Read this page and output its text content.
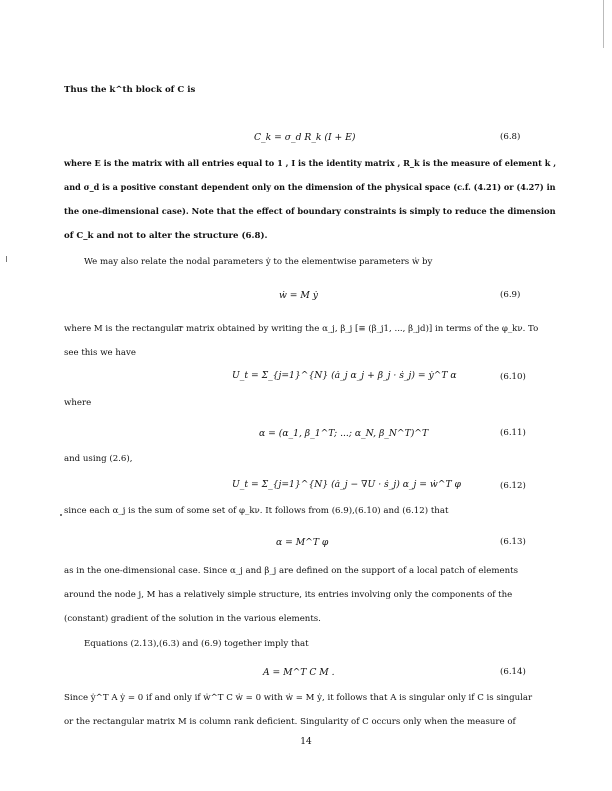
Thus the k^th block of C is
C_k = σ_d R_k (I + E)	(6.8)
where E is the matrix with all entries equal to 1 , I is the identity matrix , R_k is the measure of element k ,
and σ_d is a positive constant dependent only on the dimension of the physical space (c.f. (4.21) or (4.27) in
the one-dimensional case). Note that the effect of boundary constraints is simply to reduce the dimension
of C_k and not to alter the structure (6.8).
We may also relate the nodal parameters ẏ to the elementwise parameters ẇ by
ẇ = M ẏ	(6.9)
where M is the rectangular matrix obtained by writing the α_j, β_j [≡ (β_j1, ..., β_jd)] in terms of the φ_kν. To
see this we have
U_t = Σ_{j=1}^{N} (ȧ_j α_j + β_j · ṡ_j) = ẏ^T α	(6.10)
where
α = (α_1, β_1^T; ...; α_N, β_N^T)^T	(6.11)
and using (2.6),
U_t = Σ_{j=1}^{N} (ȧ_j − ∇U · ṡ_j) α_j = ẇ^T φ	(6.12)
since each α_j is the sum of some set of φ_kν. It follows from (6.9),(6.10) and (6.12) that
α = M^T φ	(6.13)
as in the one-dimensional case. Since α_j and β_j are defined on the support of a local patch of elements
around the node j, M has a relatively simple structure, its entries involving only the components of the
(constant) gradient of the solution in the various elements.
Equations (2.13),(6.3) and (6.9) together imply that
A = M^T C M .	(6.14)
Since ẏ^T A ẏ = 0 if and only if ẇ^T C ẇ = 0 with ẇ = M ẏ, it follows that A is singular only if C is singular
or the rectangular matrix M is column rank deficient. Singularity of C occurs only when the measure of
14
